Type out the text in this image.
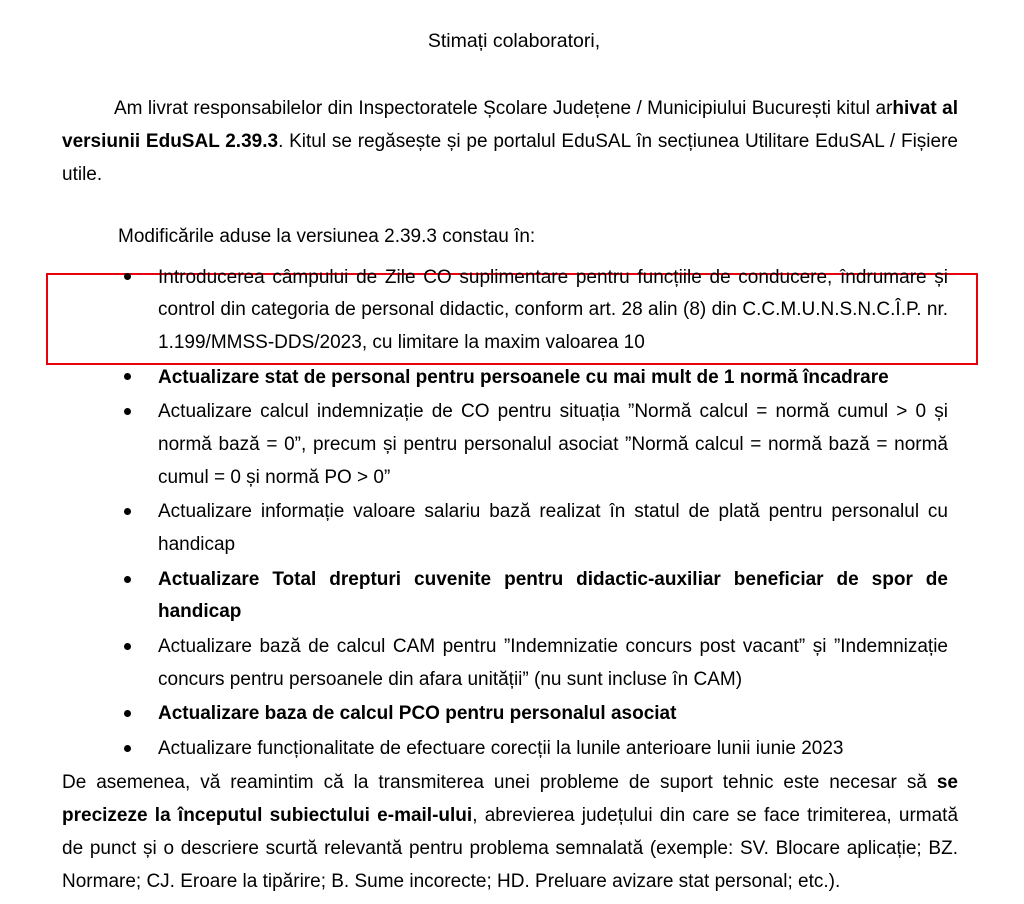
Stimați colaboratori,

Am livrat responsabilelor din Inspectoratele Școlare Județene / Municipiului București kitul arhivat al versiunii EduSAL 2.39.3. Kitul se regăsește și pe portalul EduSAL în secțiunea Utilitare EduSAL / Fișiere utile.

Modificările aduse la versiunea 2.39.3 constau în:

Introducerea câmpului de Zile CO suplimentare pentru funcțiile de conducere, îndrumare și control din categoria de personal didactic, conform art. 28 alin (8) din C.C.M.U.N.S.N.C.Î.P. nr. 1.199/MMSS-DDS/2023, cu limitare la maxim valoarea 10
Actualizare stat de personal pentru persoanele cu mai mult de 1 normă încadrare
Actualizare calcul indemnizație de CO pentru situația ”Normă calcul = normă cumul > 0 și normă bază = 0”, precum și pentru personalul asociat ”Normă calcul = normă bază = normă cumul = 0 și normă PO > 0”
Actualizare informație valoare salariu bază realizat în statul de plată pentru personalul cu handicap
Actualizare Total drepturi cuvenite pentru didactic-auxiliar beneficiar de spor de handicap
Actualizare bază de calcul CAM pentru ”Indemnizatie concurs post vacant” și ”Indemnizație concurs pentru persoanele din afara unității” (nu sunt incluse în CAM)
Actualizare baza de calcul PCO pentru personalul asociat
Actualizare funcționalitate de efectuare corecții la lunile anterioare lunii iunie 2023

De asemenea, vă reamintim că la transmiterea unei probleme de suport tehnic este necesar să se precizeze la începutul subiectului e-mail-ului, abrevierea județului din care se face trimiterea, urmată de punct și o descriere scurtă relevantă pentru problema semnalată (exemple: SV. Blocare aplicație; BZ. Normare; CJ. Eroare la tipărire; B. Sume incorecte; HD. Preluare avizare stat personal; etc.).
